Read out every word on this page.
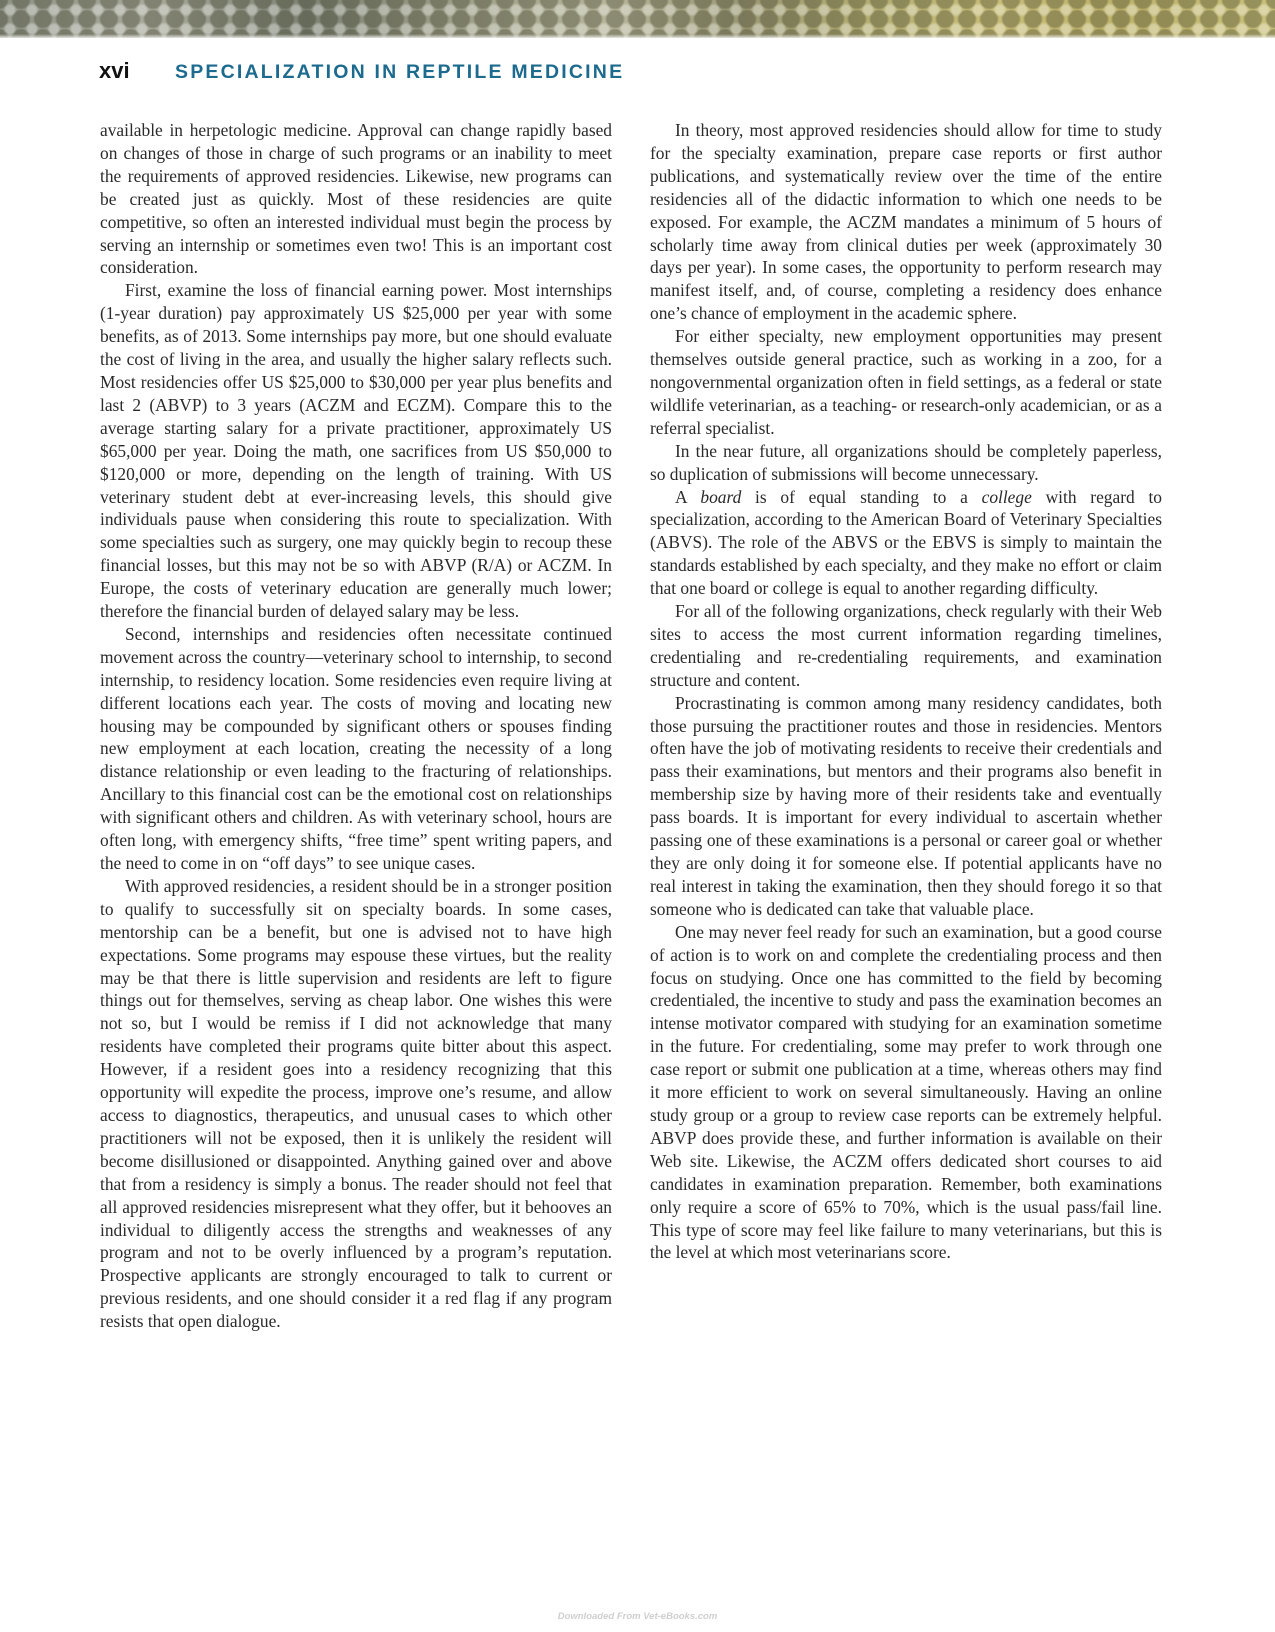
xvi	SPECIALIZATION IN REPTILE MEDICINE

available in herpetologic medicine. Approval can change rapidly based on changes of those in charge of such programs or an inability to meet the requirements of approved residencies. Likewise, new programs can be created just as quickly. Most of these residencies are quite competitive, so often an interested individual must begin the process by serving an internship or sometimes even two! This is an important cost consideration.

First, examine the loss of financial earning power. Most internships (1-year duration) pay approximately US $25,000 per year with some benefits, as of 2013. Some internships pay more, but one should evaluate the cost of living in the area, and usually the higher salary reflects such. Most residencies offer US $25,000 to $30,000 per year plus benefits and last 2 (ABVP) to 3 years (ACZM and ECZM). Compare this to the average starting salary for a private practitioner, approximately US $65,000 per year. Doing the math, one sacrifices from US $50,000 to $120,000 or more, depending on the length of training. With US veterinary student debt at ever-increasing levels, this should give individuals pause when considering this route to specialization. With some specialties such as surgery, one may quickly begin to recoup these financial losses, but this may not be so with ABVP (R/A) or ACZM. In Europe, the costs of veterinary education are generally much lower; therefore the financial burden of delayed salary may be less.

Second, internships and residencies often necessitate continued movement across the country—veterinary school to internship, to second internship, to residency location. Some residencies even require living at different locations each year. The costs of moving and locating new housing may be compounded by significant others or spouses finding new employment at each location, creating the necessity of a long distance relationship or even leading to the fracturing of relationships. Ancillary to this financial cost can be the emotional cost on relationships with significant others and children. As with veterinary school, hours are often long, with emergency shifts, “free time” spent writing papers, and the need to come in on “off days” to see unique cases.

With approved residencies, a resident should be in a stronger position to qualify to successfully sit on specialty boards. In some cases, mentorship can be a benefit, but one is advised not to have high expectations. Some programs may espouse these virtues, but the reality may be that there is little supervision and residents are left to figure things out for themselves, serving as cheap labor. One wishes this were not so, but I would be remiss if I did not acknowledge that many residents have completed their programs quite bitter about this aspect. However, if a resident goes into a residency recognizing that this opportunity will expedite the process, improve one’s resume, and allow access to diagnostics, therapeutics, and unusual cases to which other practitioners will not be exposed, then it is unlikely the resident will become disillusioned or disappointed. Anything gained over and above that from a residency is simply a bonus. The reader should not feel that all approved residencies misrepresent what they offer, but it behooves an individual to diligently access the strengths and weaknesses of any program and not to be overly influenced by a program’s reputation. Prospective applicants are strongly encouraged to talk to current or previous residents, and one should consider it a red flag if any program resists that open dialogue.

In theory, most approved residencies should allow for time to study for the specialty examination, prepare case reports or first author publications, and systematically review over the time of the entire residencies all of the didactic information to which one needs to be exposed. For example, the ACZM mandates a minimum of 5 hours of scholarly time away from clinical duties per week (approximately 30 days per year). In some cases, the opportunity to perform research may manifest itself, and, of course, completing a residency does enhance one’s chance of employment in the academic sphere.

For either specialty, new employment opportunities may present themselves outside general practice, such as working in a zoo, for a nongovernmental organization often in field settings, as a federal or state wildlife veterinarian, as a teaching- or research-only academician, or as a referral specialist.

In the near future, all organizations should be completely paperless, so duplication of submissions will become unnecessary.

A board is of equal standing to a college with regard to specialization, according to the American Board of Veterinary Specialties (ABVS). The role of the ABVS or the EBVS is simply to maintain the standards established by each specialty, and they make no effort or claim that one board or college is equal to another regarding difficulty.

For all of the following organizations, check regularly with their Web sites to access the most current information regarding timelines, credentialing and re-credentialing requirements, and examination structure and content.

Procrastinating is common among many residency candidates, both those pursuing the practitioner routes and those in residencies. Mentors often have the job of motivating residents to receive their credentials and pass their examinations, but mentors and their programs also benefit in membership size by having more of their residents take and eventually pass boards. It is important for every individual to ascertain whether passing one of these examinations is a personal or career goal or whether they are only doing it for someone else. If potential applicants have no real interest in taking the examination, then they should forego it so that someone who is dedicated can take that valuable place.

One may never feel ready for such an examination, but a good course of action is to work on and complete the credentialing process and then focus on studying. Once one has committed to the field by becoming credentialed, the incentive to study and pass the examination becomes an intense motivator compared with studying for an examination sometime in the future. For credentialing, some may prefer to work through one case report or submit one publication at a time, whereas others may find it more efficient to work on several simultaneously. Having an online study group or a group to review case reports can be extremely helpful. ABVP does provide these, and further information is available on their Web site. Likewise, the ACZM offers dedicated short courses to aid candidates in examination preparation. Remember, both examinations only require a score of 65% to 70%, which is the usual pass/fail line. This type of score may feel like failure to many veterinarians, but this is the level at which most veterinarians score.

Downloaded From Vet-eBooks.com
